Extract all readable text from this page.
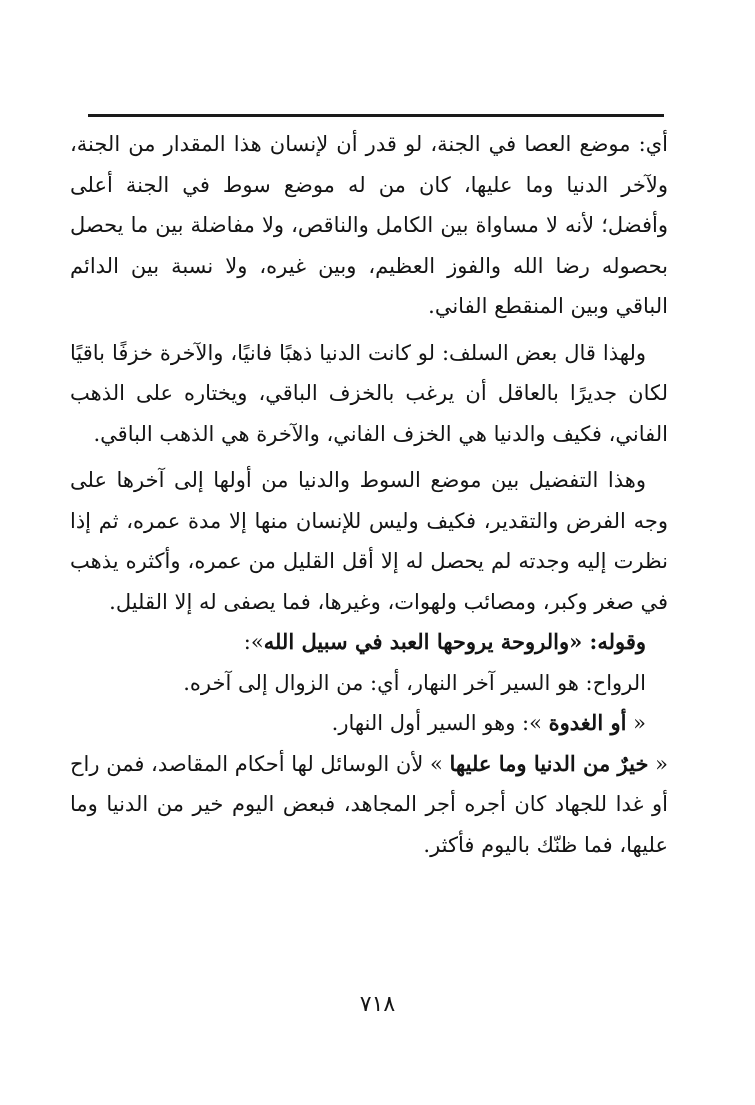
أي: موضع العصا في الجنة، لو قدر أن لإنسان هذا المقدار من الجنة، ولآخر الدنيا وما عليها، كان من له موضع سوط في الجنة أعلى وأفضل؛ لأنه لا مساواة بين الكامل والناقص، ولا مفاضلة بين ما يحصل بحصوله رضا الله والفوز العظيم، وبين غيره، ولا نسبة بين الدائم الباقي وبين المنقطع الفاني.

ولهذا قال بعض السلف: لو كانت الدنيا ذهبًا فانيًا، والآخرة خزفًا باقيًا لكان جديرًا بالعاقل أن يرغب بالخزف الباقي، ويختاره على الذهب الفاني، فكيف والدنيا هي الخزف الفاني، والآخرة هي الذهب الباقي.

وهذا التفضيل بين موضع السوط والدنيا من أولها إلى آخرها على وجه الفرض والتقدير، فكيف وليس للإنسان منها إلا مدة عمره، ثم إذا نظرت إليه وجدته لم يحصل له إلا أقل القليل من عمره، وأكثره يذهب في صغر وكبر، ومصائب ولهوات، وغيرها، فما يصفى له إلا القليل.

وقوله: «والروحة يروحها العبد في سبيل الله»:

الرواح: هو السير آخر النهار، أي: من الزوال إلى آخره.

« أو الغدوة »: وهو السير أول النهار.

« خيرٌ من الدنيا وما عليها » لأن الوسائل لها أحكام المقاصد، فمن راح أو غدا للجهاد كان أجره أجر المجاهد، فبعض اليوم خير من الدنيا وما عليها، فما ظنّك باليوم فأكثر.

٧١٨
